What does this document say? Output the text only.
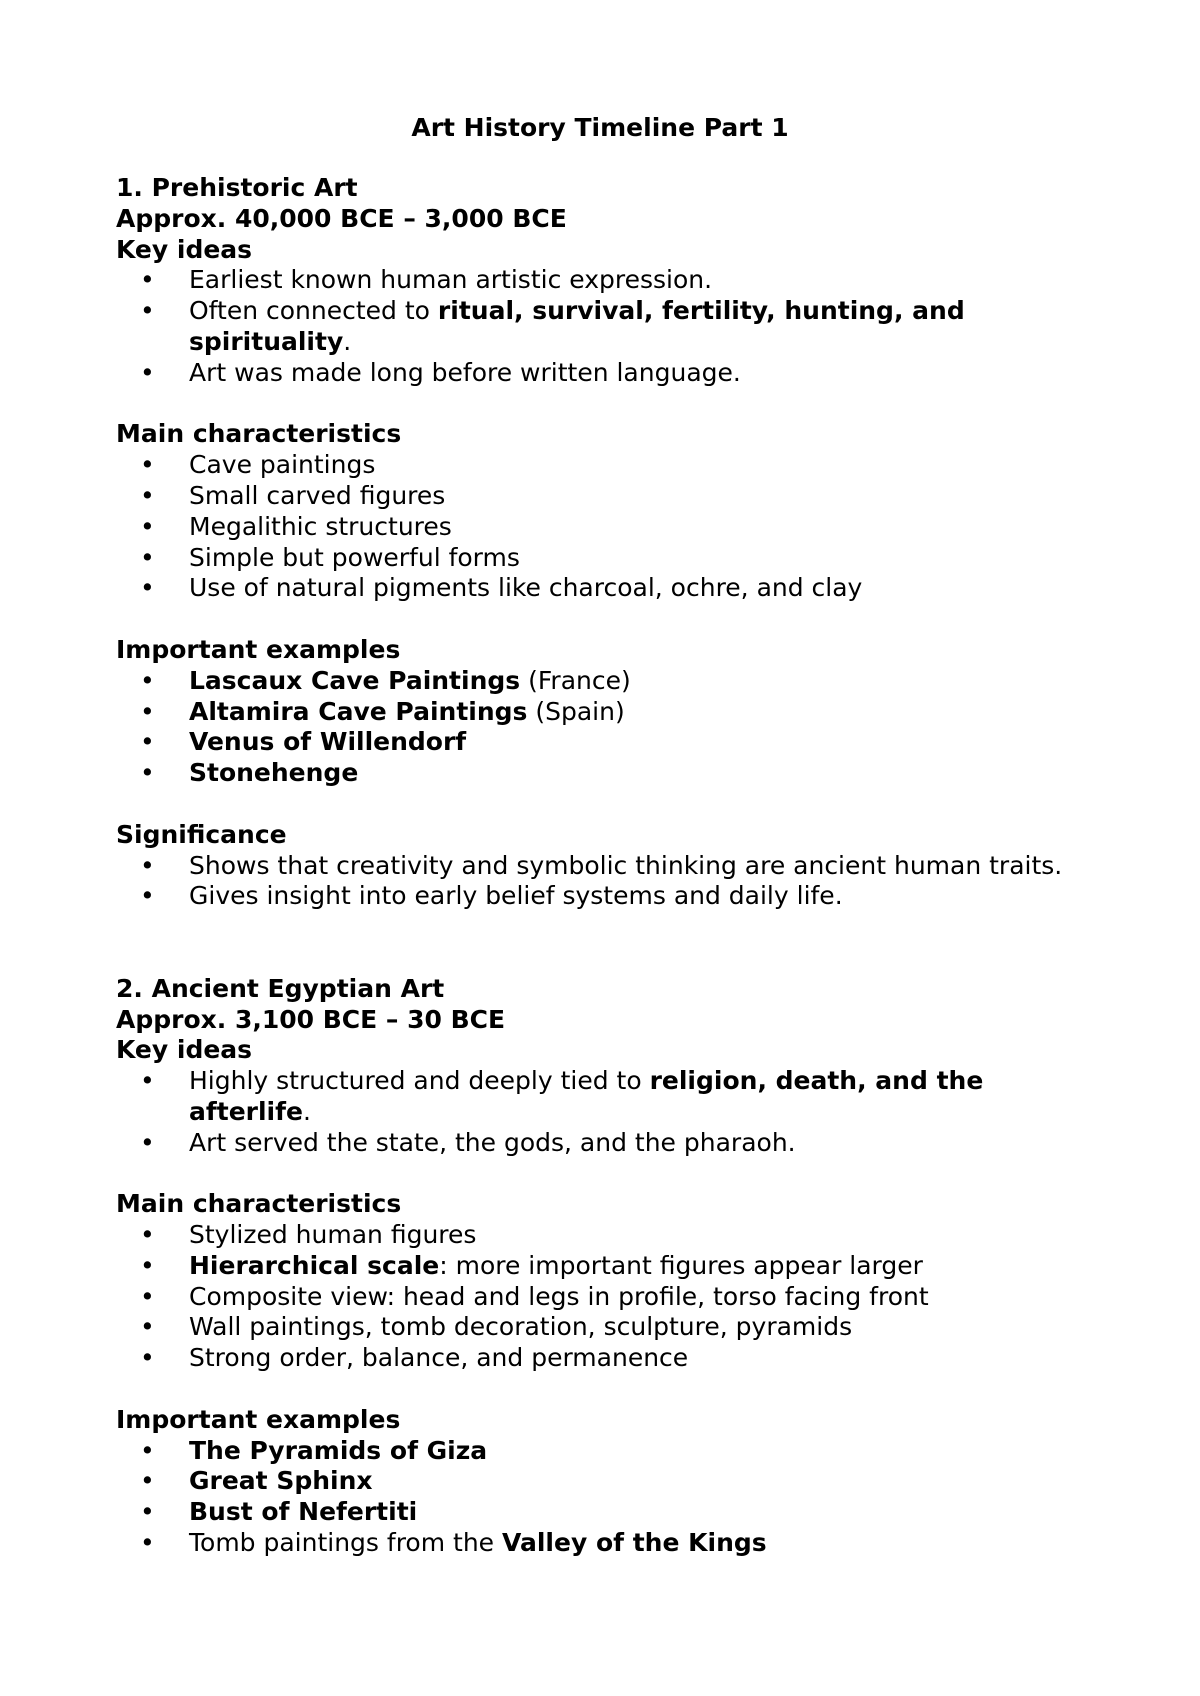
Art History Timeline Part 1

1. Prehistoric Art

Approx. 40,000 BCE – 3,000 BCE

Key ideas

• Earliest known human artistic expression.
• Often connected to ritual, survival, fertility, hunting, and spirituality.
• Art was made long before written language.

Main characteristics

• Cave paintings
• Small carved figures
• Megalithic structures
• Simple but powerful forms
• Use of natural pigments like charcoal, ochre, and clay

Important examples

• Lascaux Cave Paintings (France)
• Altamira Cave Paintings (Spain)
• Venus of Willendorf
• Stonehenge

Significance

• Shows that creativity and symbolic thinking are ancient human traits.
• Gives insight into early belief systems and daily life.

2. Ancient Egyptian Art

Approx. 3,100 BCE – 30 BCE

Key ideas

• Highly structured and deeply tied to religion, death, and the afterlife.
• Art served the state, the gods, and the pharaoh.

Main characteristics

• Stylized human figures
• Hierarchical scale: more important figures appear larger
• Composite view: head and legs in profile, torso facing front
• Wall paintings, tomb decoration, sculpture, pyramids
• Strong order, balance, and permanence

Important examples

• The Pyramids of Giza
• Great Sphinx
• Bust of Nefertiti
• Tomb paintings from the Valley of the Kings
